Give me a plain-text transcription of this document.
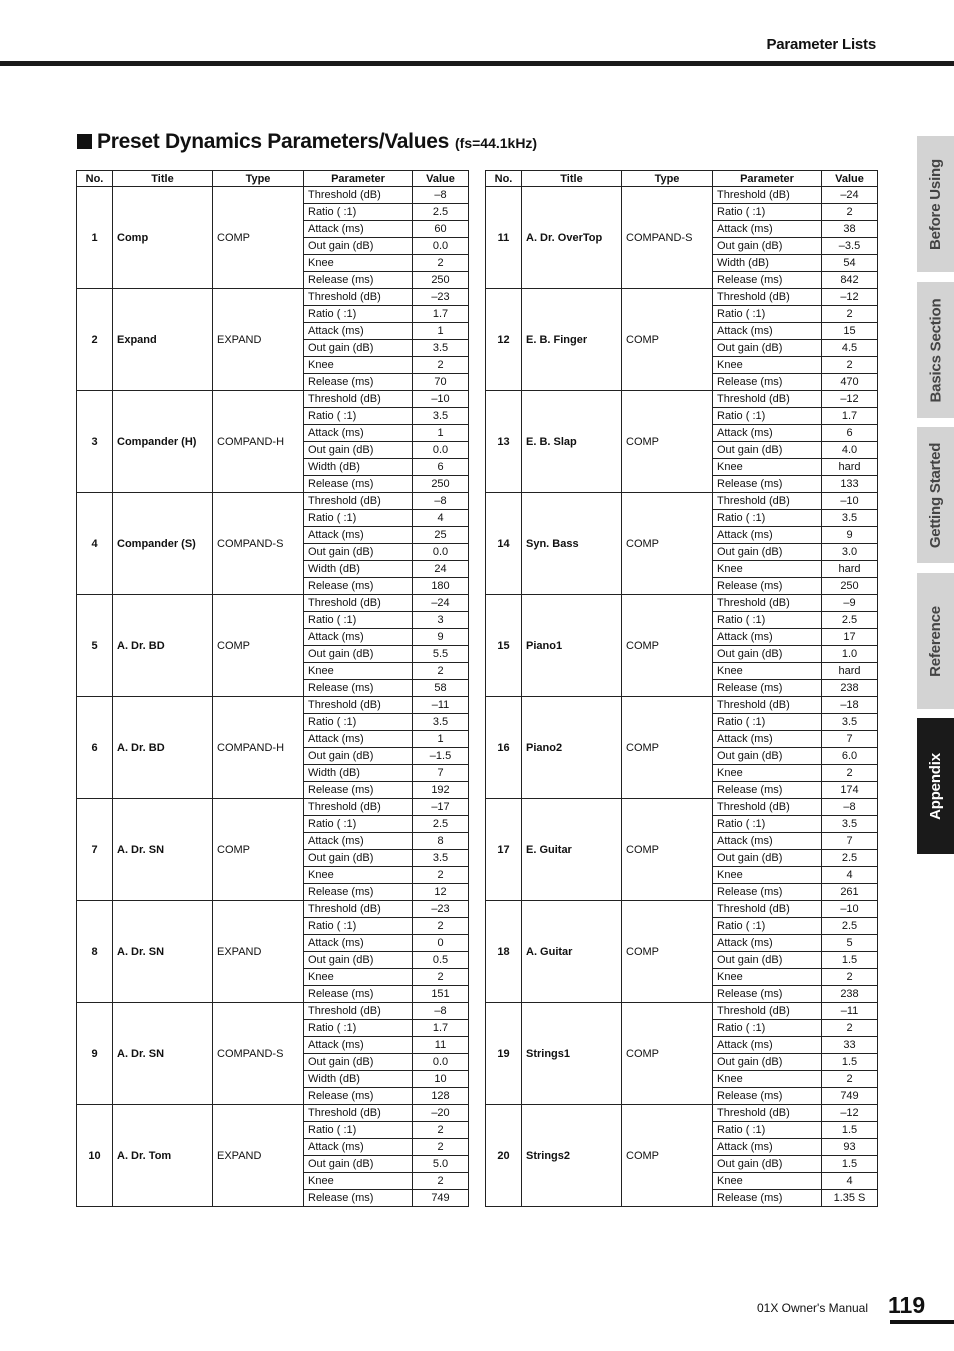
Parameter Lists
Preset Dynamics Parameters/Values (fs=44.1kHz)
No.	Title	Type	Parameter	Value
1	Comp	COMP	Threshold (dB)	–8
			Ratio ( :1)	2.5
			Attack (ms)	60
			Out gain (dB)	0.0
			Knee	2
			Release (ms)	250
2	Expand	EXPAND	Threshold (dB)	–23
			Ratio ( :1)	1.7
			Attack (ms)	1
			Out gain (dB)	3.5
			Knee	2
			Release (ms)	70
3	Compander (H)	COMPAND-H	Threshold (dB)	–10
			Ratio ( :1)	3.5
			Attack (ms)	1
			Out gain (dB)	0.0
			Width (dB)	6
			Release (ms)	250
4	Compander (S)	COMPAND-S	Threshold (dB)	–8
			Ratio ( :1)	4
			Attack (ms)	25
			Out gain (dB)	0.0
			Width (dB)	24
			Release (ms)	180
5	A. Dr. BD	COMP	Threshold (dB)	–24
			Ratio ( :1)	3
			Attack (ms)	9
			Out gain (dB)	5.5
			Knee	2
			Release (ms)	58
6	A. Dr. BD	COMPAND-H	Threshold (dB)	–11
			Ratio ( :1)	3.5
			Attack (ms)	1
			Out gain (dB)	–1.5
			Width (dB)	7
			Release (ms)	192
7	A. Dr. SN	COMP	Threshold (dB)	–17
			Ratio ( :1)	2.5
			Attack (ms)	8
			Out gain (dB)	3.5
			Knee	2
			Release (ms)	12
8	A. Dr. SN	EXPAND	Threshold (dB)	–23
			Ratio ( :1)	2
			Attack (ms)	0
			Out gain (dB)	0.5
			Knee	2
			Release (ms)	151
9	A. Dr. SN	COMPAND-S	Threshold (dB)	–8
			Ratio ( :1)	1.7
			Attack (ms)	11
			Out gain (dB)	0.0
			Width (dB)	10
			Release (ms)	128
10	A. Dr. Tom	EXPAND	Threshold (dB)	–20
			Ratio ( :1)	2
			Attack (ms)	2
			Out gain (dB)	5.0
			Knee	2
			Release (ms)	749
No.	Title	Type	Parameter	Value
11	A. Dr. OverTop	COMPAND-S	Threshold (dB)	–24
			Ratio ( :1)	2
			Attack (ms)	38
			Out gain (dB)	–3.5
			Width (dB)	54
			Release (ms)	842
12	E. B. Finger	COMP	Threshold (dB)	–12
			Ratio ( :1)	2
			Attack (ms)	15
			Out gain (dB)	4.5
			Knee	2
			Release (ms)	470
13	E. B. Slap	COMP	Threshold (dB)	–12
			Ratio ( :1)	1.7
			Attack (ms)	6
			Out gain (dB)	4.0
			Knee	hard
			Release (ms)	133
14	Syn. Bass	COMP	Threshold (dB)	–10
			Ratio ( :1)	3.5
			Attack (ms)	9
			Out gain (dB)	3.0
			Knee	hard
			Release (ms)	250
15	Piano1	COMP	Threshold (dB)	–9
			Ratio ( :1)	2.5
			Attack (ms)	17
			Out gain (dB)	1.0
			Knee	hard
			Release (ms)	238
16	Piano2	COMP	Threshold (dB)	–18
			Ratio ( :1)	3.5
			Attack (ms)	7
			Out gain (dB)	6.0
			Knee	2
			Release (ms)	174
17	E. Guitar	COMP	Threshold (dB)	–8
			Ratio ( :1)	3.5
			Attack (ms)	7
			Out gain (dB)	2.5
			Knee	4
			Release (ms)	261
18	A. Guitar	COMP	Threshold (dB)	–10
			Ratio ( :1)	2.5
			Attack (ms)	5
			Out gain (dB)	1.5
			Knee	2
			Release (ms)	238
19	Strings1	COMP	Threshold (dB)	–11
			Ratio ( :1)	2
			Attack (ms)	33
			Out gain (dB)	1.5
			Knee	2
			Release (ms)	749
20	Strings2	COMP	Threshold (dB)	–12
			Ratio ( :1)	1.5
			Attack (ms)	93
			Out gain (dB)	1.5
			Knee	4
			Release (ms)	1.35 S
Before Using
Basics Section
Getting Started
Reference
Appendix
01X Owner's Manual 119
